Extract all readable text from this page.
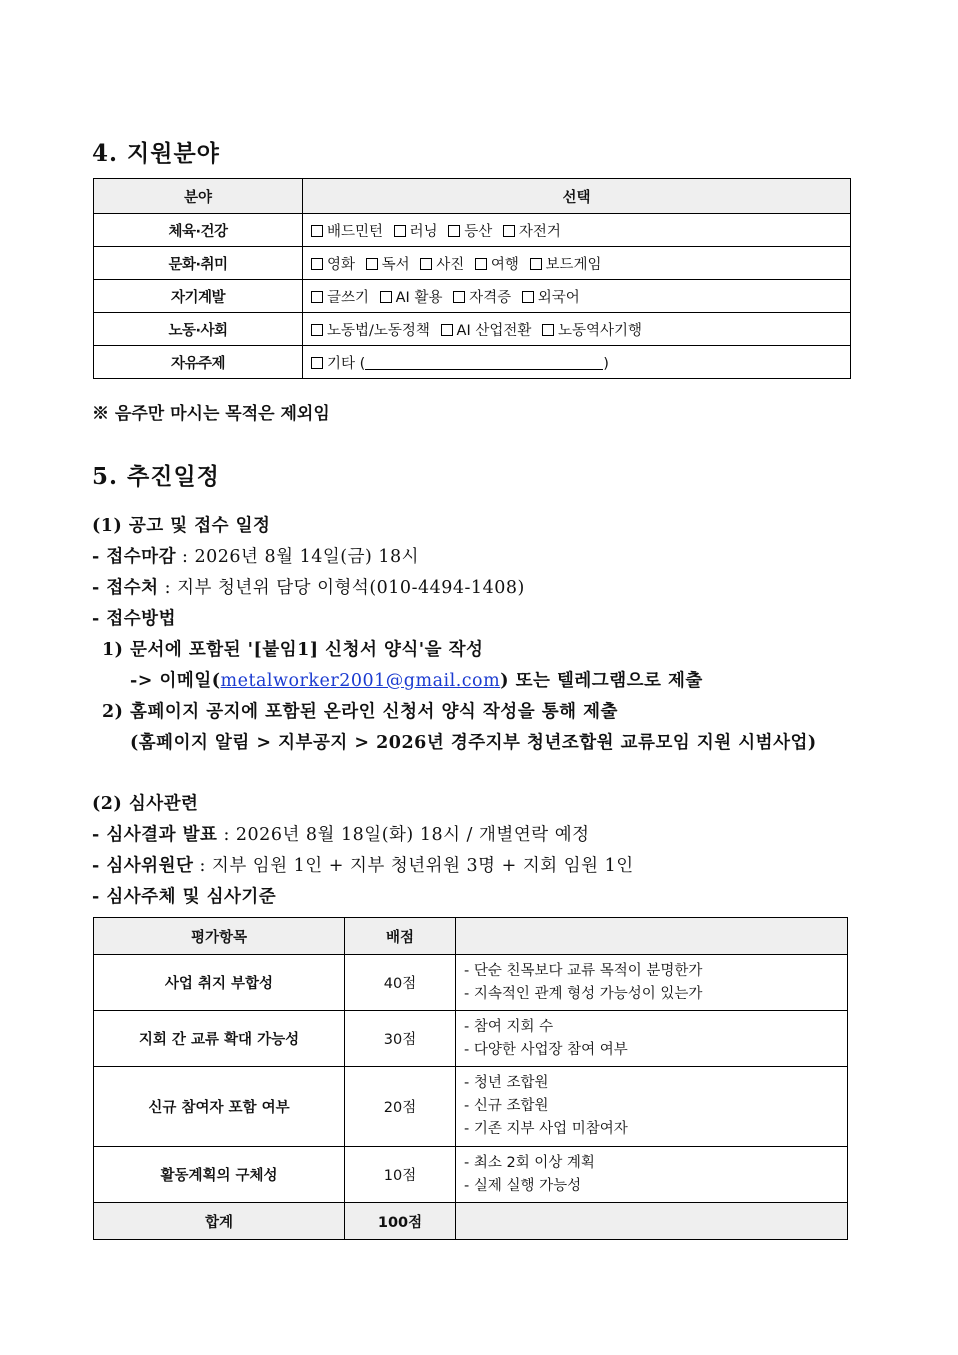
4. 지원분야
분야	선택
체육·건강	배드민턴 러닝 등산 자전거
문화·취미	영화 독서 사진 여행 보드게임
자기계발	글쓰기 AI 활용 자격증 외국어
노동·사회	노동법/노동정책 AI 산업전환 노동역사기행
자유주제	기타 ( )
※ 음주만 마시는 목적은 제외임
5. 추진일정
(1) 공고 및 접수 일정
- 접수마감 : 2026년 8월 14일(금) 18시
- 접수처 : 지부 청년위 담당 이형석(010-4494-1408)
- 접수방법
1) 문서에 포함된 '[붙임1] 신청서 양식'을 작성
-> 이메일(metalworker2001@gmail.com) 또는 텔레그램으로 제출
2) 홈페이지 공지에 포함된 온라인 신청서 양식 작성을 통해 제출
(홈페이지 알림 > 지부공지 > 2026년 경주지부 청년조합원 교류모임 지원 시범사업)
(2) 심사관련
- 심사결과 발표 : 2026년 8월 18일(화) 18시 / 개별연락 예정
- 심사위원단 : 지부 임원 1인 + 지부 청년위원 3명 + 지회 임원 1인
- 심사주체 및 심사기준
평가항목	배점	
사업 취지 부합성	40점	- 단순 친목보다 교류 목적이 분명한가
- 지속적인 관계 형성 가능성이 있는가

지회 간 교류 확대 가능성	30점	- 참여 지회 수
- 다양한 사업장 참여 여부

신규 참여자 포함 여부	20점	- 청년 조합원
- 신규 조합원
- 기존 지부 사업 미참여자

활동계획의 구체성	10점	- 최소 2회 이상 계획
- 실제 실행 가능성

합계	100점	
